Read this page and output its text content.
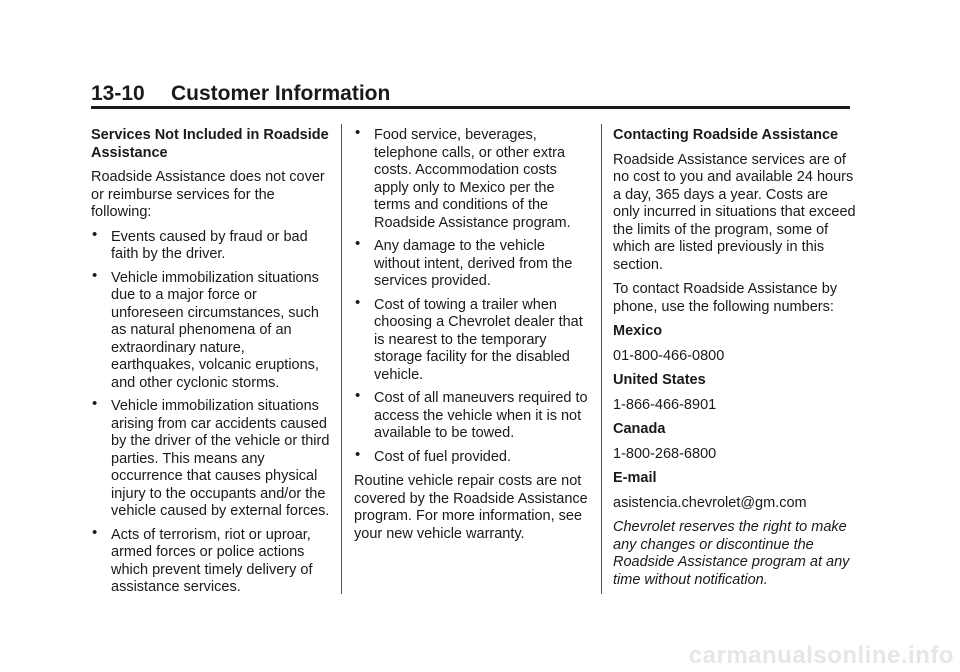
13-10 Customer Information

Services Not Included in Roadside Assistance

Roadside Assistance does not cover or reimburse services for the following:

• Events caused by fraud or bad faith by the driver.
• Vehicle immobilization situations due to a major force or unforeseen circumstances, such as natural phenomena of an extraordinary nature, earthquakes, volcanic eruptions, and other cyclonic storms.
• Vehicle immobilization situations arising from car accidents caused by the driver of the vehicle or third parties. This means any occurrence that causes physical injury to the occupants and/or the vehicle caused by external forces.
• Acts of terrorism, riot or uproar, armed forces or police actions which prevent timely delivery of assistance services.
• Food service, beverages, telephone calls, or other extra costs. Accommodation costs apply only to Mexico per the terms and conditions of the Roadside Assistance program.
• Any damage to the vehicle without intent, derived from the services provided.
• Cost of towing a trailer when choosing a Chevrolet dealer that is nearest to the temporary storage facility for the disabled vehicle.
• Cost of all maneuvers required to access the vehicle when it is not available to be towed.
• Cost of fuel provided.

Routine vehicle repair costs are not covered by the Roadside Assistance program. For more information, see your new vehicle warranty.

Contacting Roadside Assistance

Roadside Assistance services are of no cost to you and available 24 hours a day, 365 days a year. Costs are only incurred in situations that exceed the limits of the program, some of which are listed previously in this section.

To contact Roadside Assistance by phone, use the following numbers:

Mexico

01-800-466-0800

United States

1-866-466-8901

Canada

1-800-268-6800

E-mail

asistencia.chevrolet@gm.com

Chevrolet reserves the right to make any changes or discontinue the Roadside Assistance program at any time without notification.

carmanualsonline.info
